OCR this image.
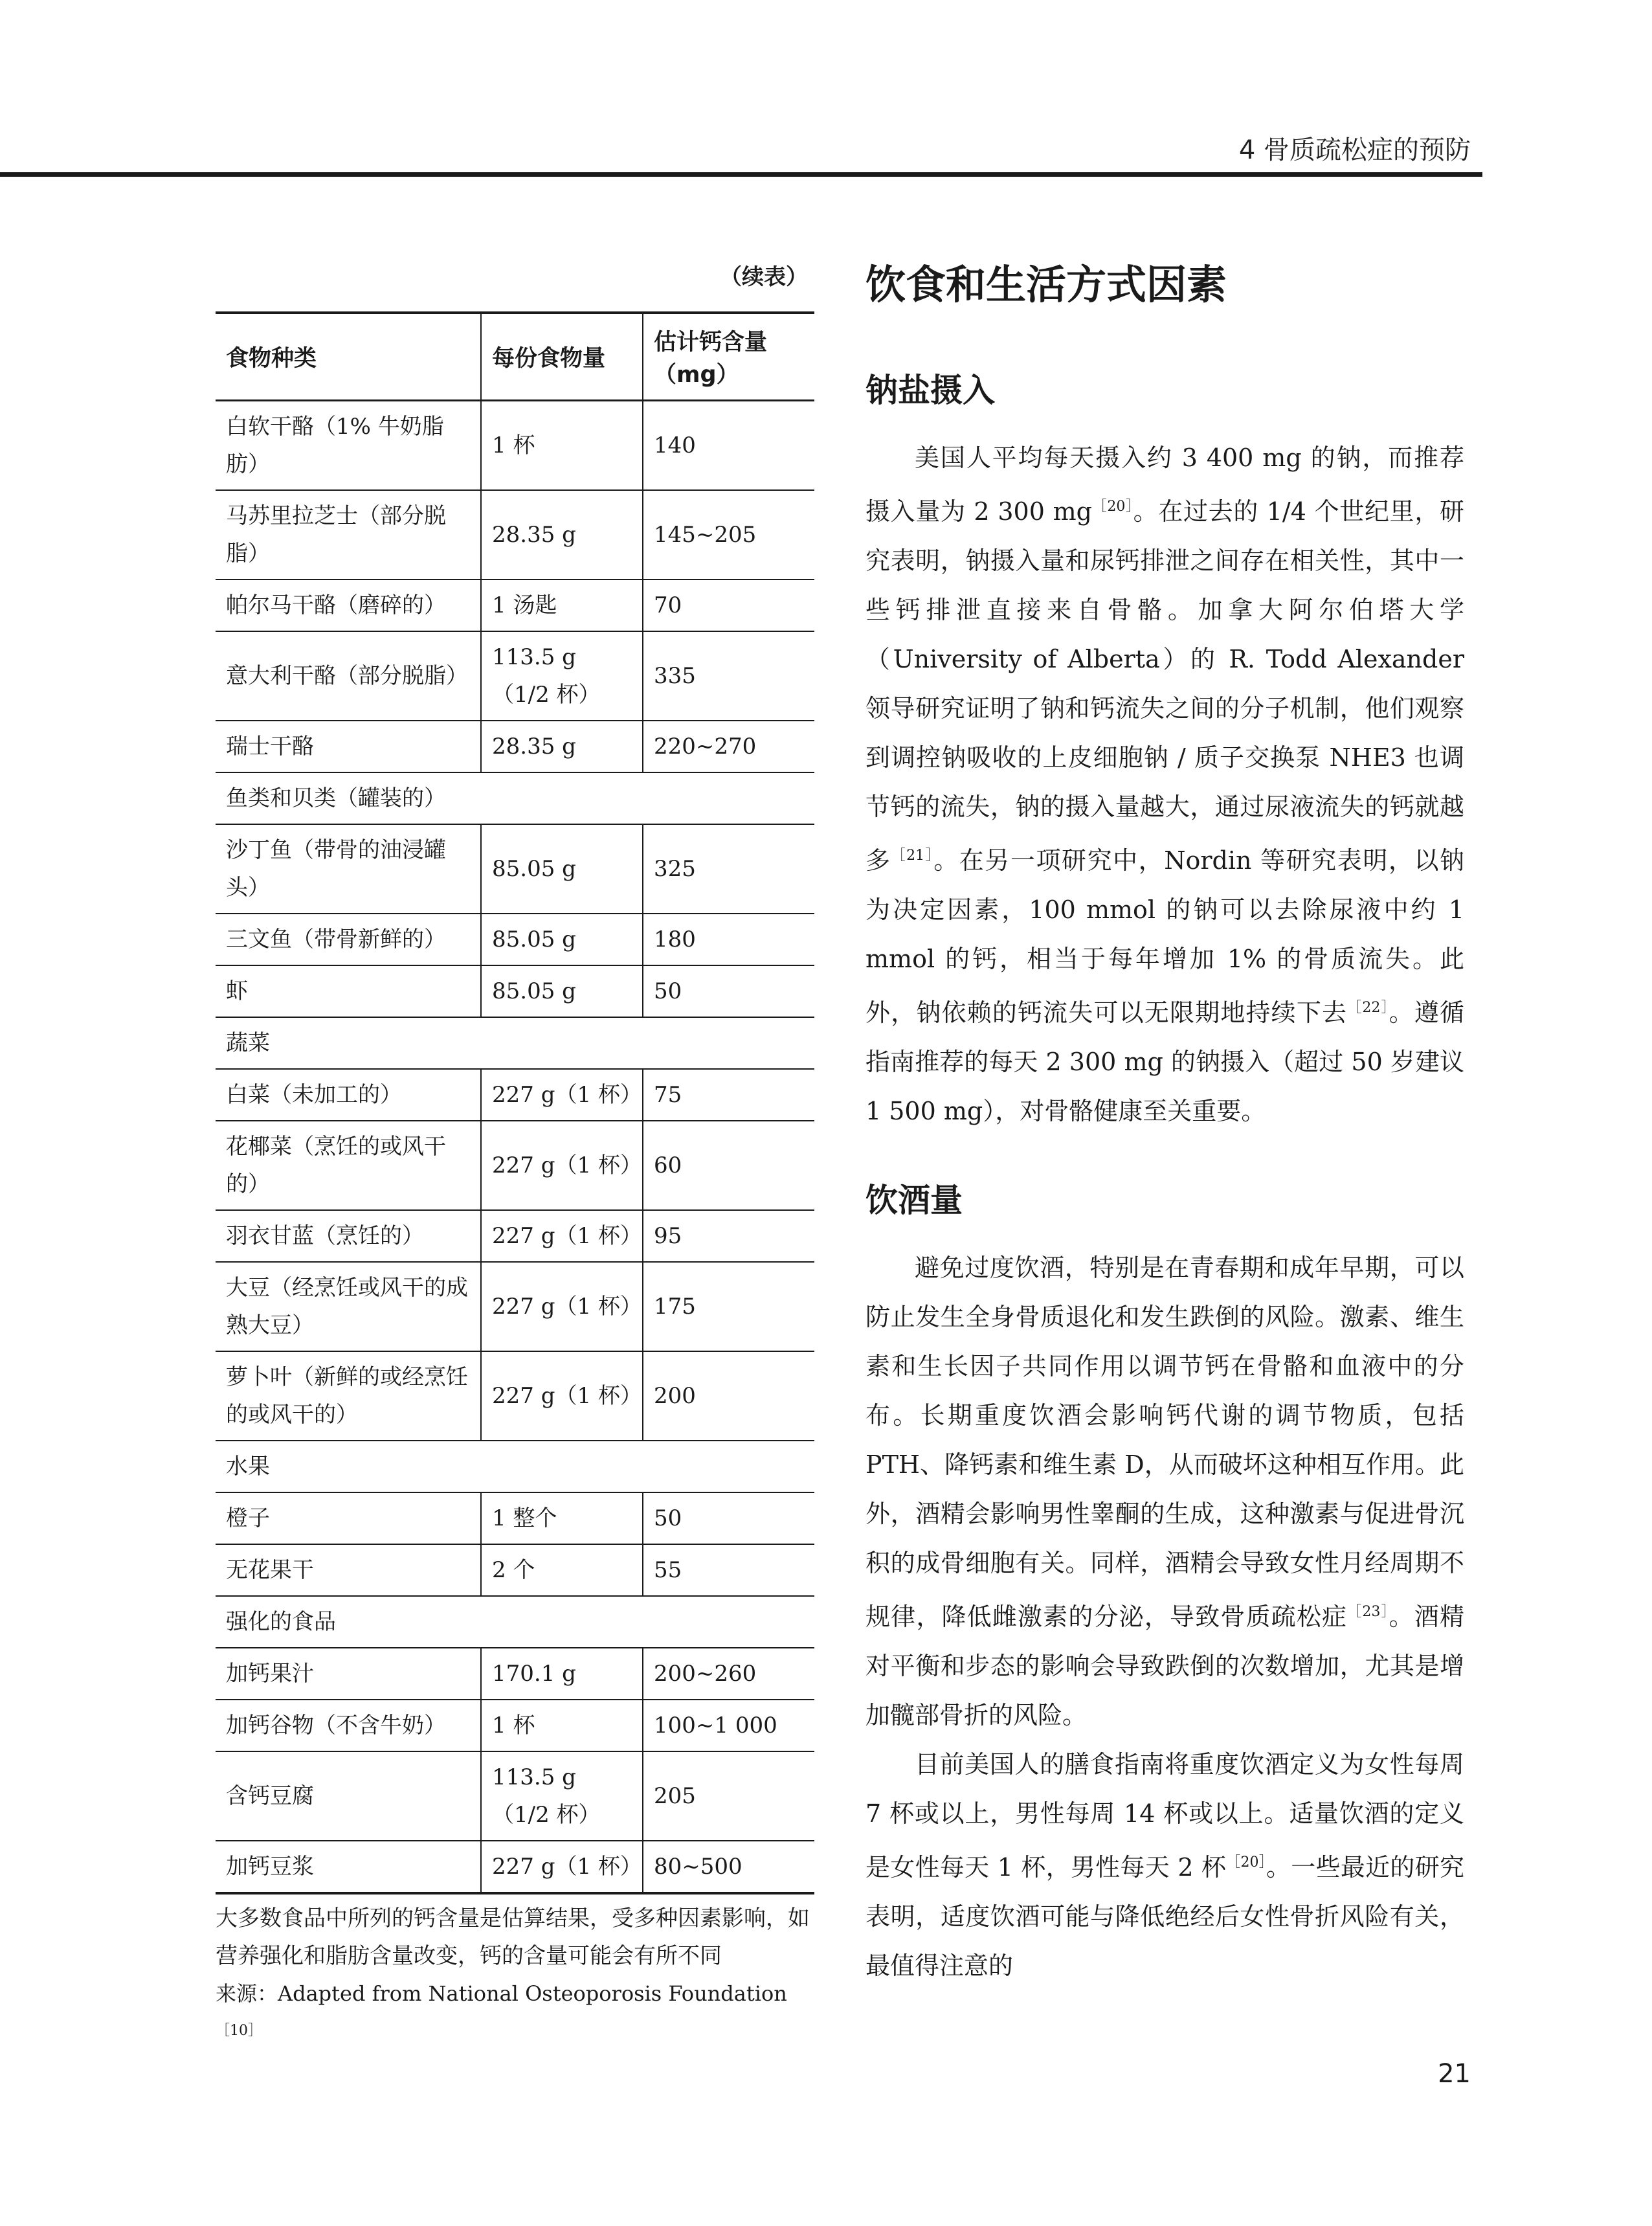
4 骨质疏松症的预防
（续表）
食物种类	每份食物量	估计钙含量（mg）
白软干酪（1% 牛奶脂肪）	1 杯	140
马苏里拉芝士（部分脱脂）	28.35 g	145~205
帕尔马干酪（磨碎的）	1 汤匙	70
意大利干酪（部分脱脂）	113.5 g（1/2 杯）	335
瑞士干酪	28.35 g	220~270
鱼类和贝类（罐装的）		
沙丁鱼（带骨的油浸罐头）	85.05 g	325
三文鱼（带骨新鲜的）	85.05 g	180
虾	85.05 g	50
蔬菜		
白菜（未加工的）	227 g（1 杯）	75
花椰菜（烹饪的或风干的）	227 g（1 杯）	60
羽衣甘蓝（烹饪的）	227 g（1 杯）	95
大豆（经烹饪或风干的成熟大豆）	227 g（1 杯）	175
萝卜叶（新鲜的或经烹饪的或风干的）	227 g（1 杯）	200
水果		
橙子	1 整个	50
无花果干	2 个	55
强化的食品		
加钙果汁	170.1 g	200~260
加钙谷物（不含牛奶）	1 杯	100~1 000
含钙豆腐	113.5 g（1/2 杯）	205
加钙豆浆	227 g（1 杯）	80~500
大多数食品中所列的钙含量是估算结果，受多种因素影响，如营养强化和脂肪含量改变，钙的含量可能会有所不同
来源：Adapted from National Osteoporosis Foundation$^{[10]}$
饮食和生活方式因素
钠盐摄入

美国人平均每天摄入约 3 400 mg 的钠，而推荐摄入量为 2 300 $mg^{[20]}$。在过去的 1/4 个世纪里，研究表明，钠摄入量和尿钙排泄之间存在相关性，其中一些钙排泄直接来自骨骼。加拿大阿尔伯塔大学（University of Alberta）的 R. Todd Alexander 领导研究证明了钠和钙流失之间的分子机制，他们观察到调控钠吸收的上皮细胞钠 / 质子交换泵 NHE3 也调节钙的流失，钠的摄入量越大，通过尿液流失的钙就越多$^{[21]}$。在另一项研究中，Nordin 等研究表明，以钠为决定因素，100 mmol 的钠可以去除尿液中约 1 mmol 的钙，相当于每年增加 1% 的骨质流失。此外，钠依赖的钙流失可以无限期地持续下去$^{[22]}$。遵循指南推荐的每天 2 300 mg 的钠摄入（超过 50 岁建议 1 500 mg），对骨骼健康至关重要。

饮酒量

避免过度饮酒，特别是在青春期和成年早期，可以防止发生全身骨质退化和发生跌倒的风险。激素、维生素和生长因子共同作用以调节钙在骨骼和血液中的分布。长期重度饮酒会影响钙代谢的调节物质，包括 PTH、降钙素和维生素 D，从而破坏这种相互作用。此外，酒精会影响男性睾酮的生成，这种激素与促进骨沉积的成骨细胞有关。同样，酒精会导致女性月经周期不规律，降低雌激素的分泌，导致骨质疏松症$^{[23]}$。酒精对平衡和步态的影响会导致跌倒的次数增加，尤其是增加髋部骨折的风险。

目前美国人的膳食指南将重度饮酒定义为女性每周 7 杯或以上，男性每周 14 杯或以上。适量饮酒的定义是女性每天 1 杯，男性每天 2 杯$^{[20]}$。一些最近的研究表明，适度饮酒可能与降低绝经后女性骨折风险有关，最值得注意的

21
